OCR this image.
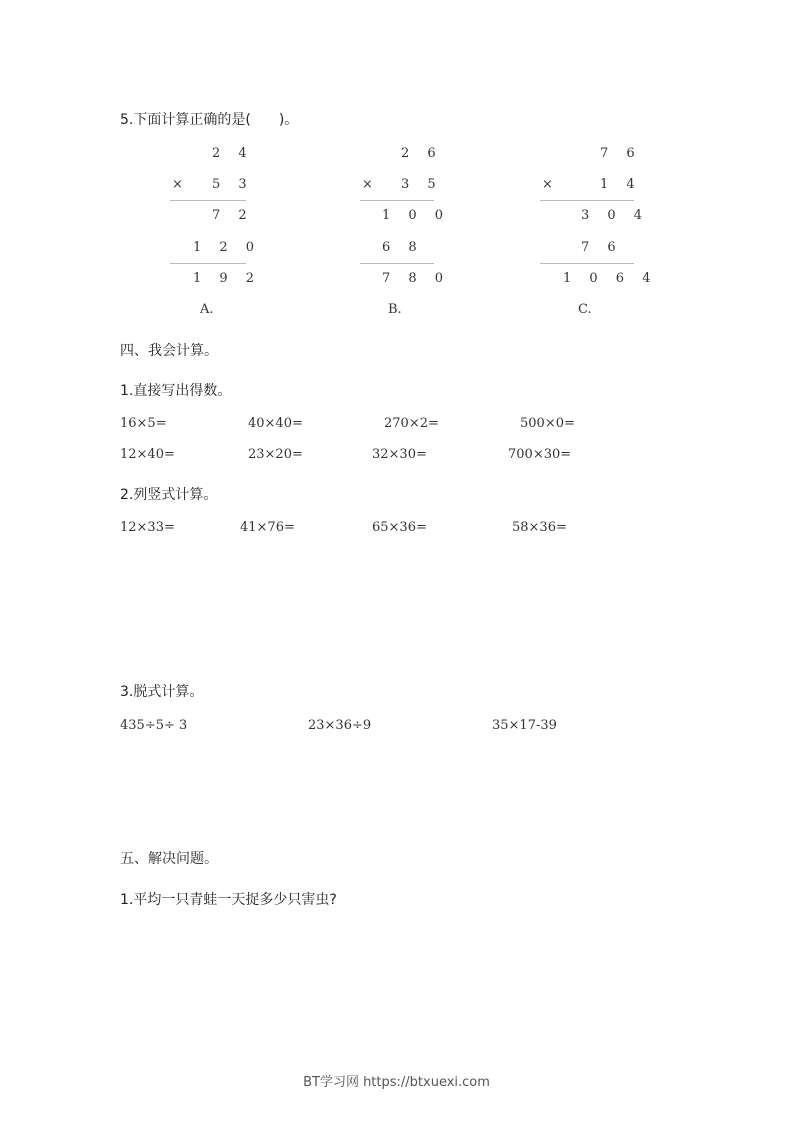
5.下面计算正确的是(　　)。
2 4
× 5 3
7 2
1 2 0
1 9 2
A.
2 6
× 3 5
1 0 0
6 8
7 8 0
B.
7 6
×	1 4
3 0 4
7 6
1 0 6 4
C.
四、我会计算。
1.直接写出得数。
16×5=	40×40=	270×2=	500×0=
12×40=	23×20=	32×30=	700×30=
2.列竖式计算。
12×33=	41×76=	65×36=	58×36=
3.脱式计算。
435÷5÷ 3	23×36÷9	35×17-39
五、解决问题。
1.平均一只青蛙一天捉多少只害虫?
BT学习网 https://btxuexi.com
